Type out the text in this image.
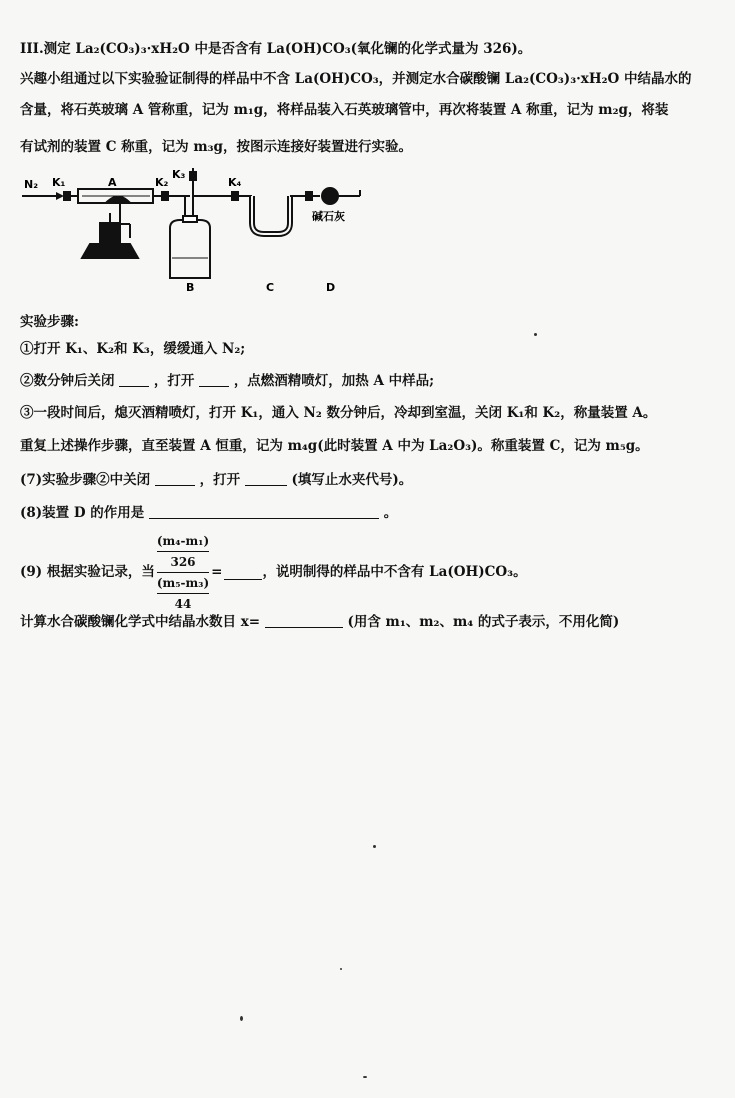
III.测定 La₂(CO₃)₃·xH₂O 中是否含有 La(OH)CO₃(氧化镧的化学式量为 326)。
兴趣小组通过以下实验验证制得的样品中不含 La(OH)CO₃，并测定水合碳酸镧 La₂(CO₃)₃·xH₂O 中结晶水的
含量，将石英玻璃 A 管称重，记为 m₁g，将样品装入石英玻璃管中，再次将装置 A 称重，记为 m₂g，将装
有试剂的装置 C 称重，记为 m₃g，按图示连接好装置进行实验。
N₂ K₁	A	K₂
K₃
K₄
B	C	D
碱石灰
实验步骤:
①打开 K₁、K₂和 K₃，缓缓通入 N₂;
②数分钟后关闭	，打开	，点燃酒精喷灯，加热 A 中样品;
③一段时间后，熄灭酒精喷灯，打开 K₁，通入 N₂ 数分钟后，冷却到室温，关闭 K₁和 K₂，称量装置 A。
重复上述操作步骤，直至装置 A 恒重，记为 m₄g(此时装置 A 中为 La₂O₃)。称重装置 C，记为 m₅g。
(7)实验步骤②中关闭	，打开	(填写止水夹代号)。
(8)装置 D 的作用是	。
(9) 根据实验记录，当 (m₄-m₁)
326
(m₅-m₃)
44 =	，说明制得的样品中不含有 La(OH)CO₃。
计算水合碳酸镧化学式中结晶水数目 x=	(用含 m₁、m₂、m₄ 的式子表示，不用化简)
